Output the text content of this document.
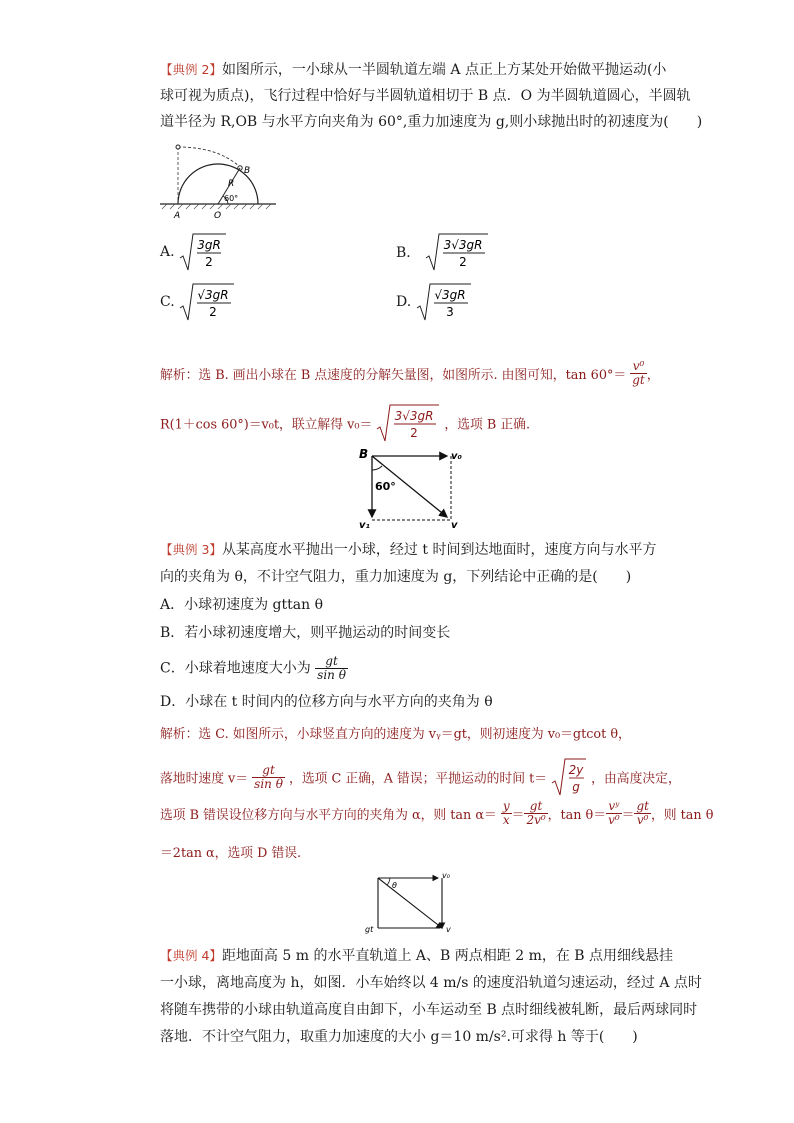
【典例 2】如图所示，一小球从一半圆轨道左端 A 点正上方某处开始做平抛运动(小
球可视为质点)，飞行过程中恰好与半圆轨道相切于 B 点．O 为半圆轨道圆心，半圆轨
道半径为 R,OB 与水平方向夹角为 60°,重力加速度为 g,则小球抛出时的初速度为(　　)
B
R
60°
A	O
A. 3gR
2
B． 3√3gR
2
C. √3gR
2
D. √3gR
3
解析：选 B. 画出小球在 B 点速度的分解矢量图，如图所示. 由图可知，$\tan 60^\circ= \frac{\text{v⁰}}{gt}$ ，
R(1＋cos 60°)＝v₀t，联立解得 v₀＝
3√3gR
2
，选项 B 正确.
B	v₀
60°
v₁	v
【典例 3】从某高度水平抛出一小球，经过 t 时间到达地面时，速度方向与水平方
向的夹角为 θ，不计空气阻力，重力加速度为 g，下列结论中正确的是(　　)
A．小球初速度为 gttan θ
B．若小球初速度增大，则平抛运动的时间变长
C．小球着地速度大小为 $\frac{gt}{\text{sin θ}}$
D．小球在 t 时间内的位移方向与水平方向的夹角为 θ
解析：选 C. 如图所示，小球竖直方向的速度为 vᵧ＝gt，则初速度为 v₀＝gtcot θ，
落地时速度 $v= \frac{gt}{\text{sin θ}}$ ，选项 C 正确，A 错误；平抛运动的时间 t＝
2y
g
，由高度决定，
选项 B 错误设位移方向与水平方向的夹角为 α，则 $\tan \alpha= \frac{y}{x} = \frac{gt}{\text{2v⁰}}$ ，$\tan \theta= \frac{\text{vʸ}}{\text{v⁰}} = \frac{gt}{\text{v⁰}}$ ，则 tan θ
＝2tan α，选项 D 错误.
θ
v₀
gt	v
【典例 4】距地面高 5 m 的水平直轨道上 A、B 两点相距 2 m，在 B 点用细线悬挂
一小球，离地高度为 h，如图．小车始终以 4 m/s 的速度沿轨道匀速运动，经过 A 点时
将随车携带的小球由轨道高度自由卸下，小车运动至 B 点时细线被轧断，最后两球同时
落地．不计空气阻力，取重力加速度的大小 g＝10 m/s².可求得 h 等于(　　)
